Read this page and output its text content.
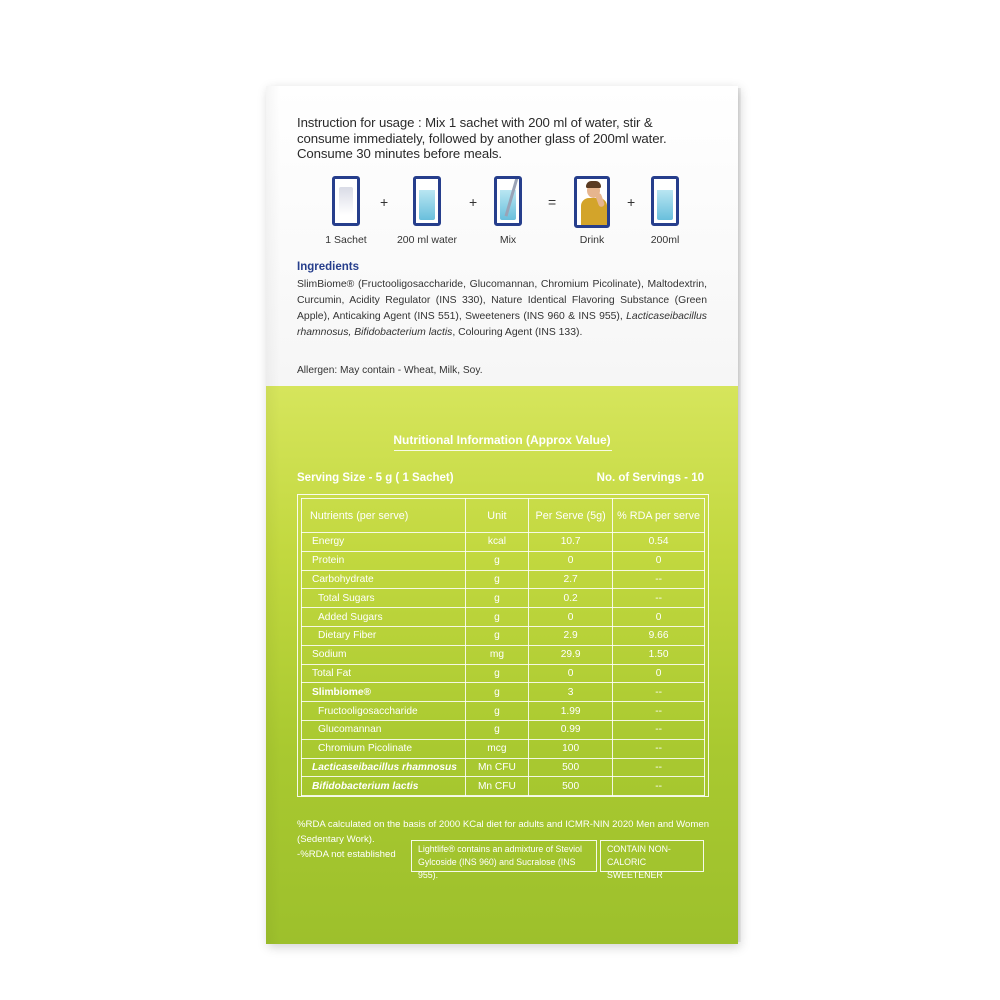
Instruction for usage : Mix 1 sachet with 200 ml of water, stir & consume immediately, followed by another glass of 200ml water. Consume 30 minutes before meals.

1 Sachet
+
200 ml water
+
Mix
=
Drink
+
200ml
Ingredients

SlimBiome® (Fructooligosaccharide, Glucomannan, Chromium Picolinate), Maltodextrin, Curcumin, Acidity Regulator (INS 330), Nature Identical Flavoring Substance (Green Apple), Anticaking Agent (INS 551), Sweeteners (INS 960 & INS 955), Lacticaseibacillus rhamnosus, Bifidobacterium lactis, Colouring Agent (INS 133).

Allergen: May contain - Wheat, Milk, Soy.
Nutritional Information (Approx Value)
Serving Size - 5 g ( 1 Sachet)	No. of Servings - 10
Nutrients (per serve)	Unit	Per Serve (5g)	% RDA per serve
Energy	kcal	10.7	0.54
Protein	g	0	0
Carbohydrate	g	2.7	--
Total Sugars	g	0.2	--
Added Sugars	g	0	0
Dietary Fiber	g	2.9	9.66
Sodium	mg	29.9	1.50
Total Fat	g	0	0
Slimbiome®	g	3	--
Fructooligosaccharide	g	1.99	--
Glucomannan	g	0.99	--
Chromium Picolinate	mcg	100	--
Lacticaseibacillus rhamnosus	Mn CFU	500	--
Bifidobacterium lactis	Mn CFU	500	--
%RDA calculated on the basis of 2000 KCal diet for adults and ICMR-NIN 2020 Men and Women
(Sedentary Work).
-%RDA not established
Lightlife® contains an admixture of Steviol Gylcoside (INS 960) and Sucralose (INS 955).
CONTAIN NON-CALORIC SWEETENER
